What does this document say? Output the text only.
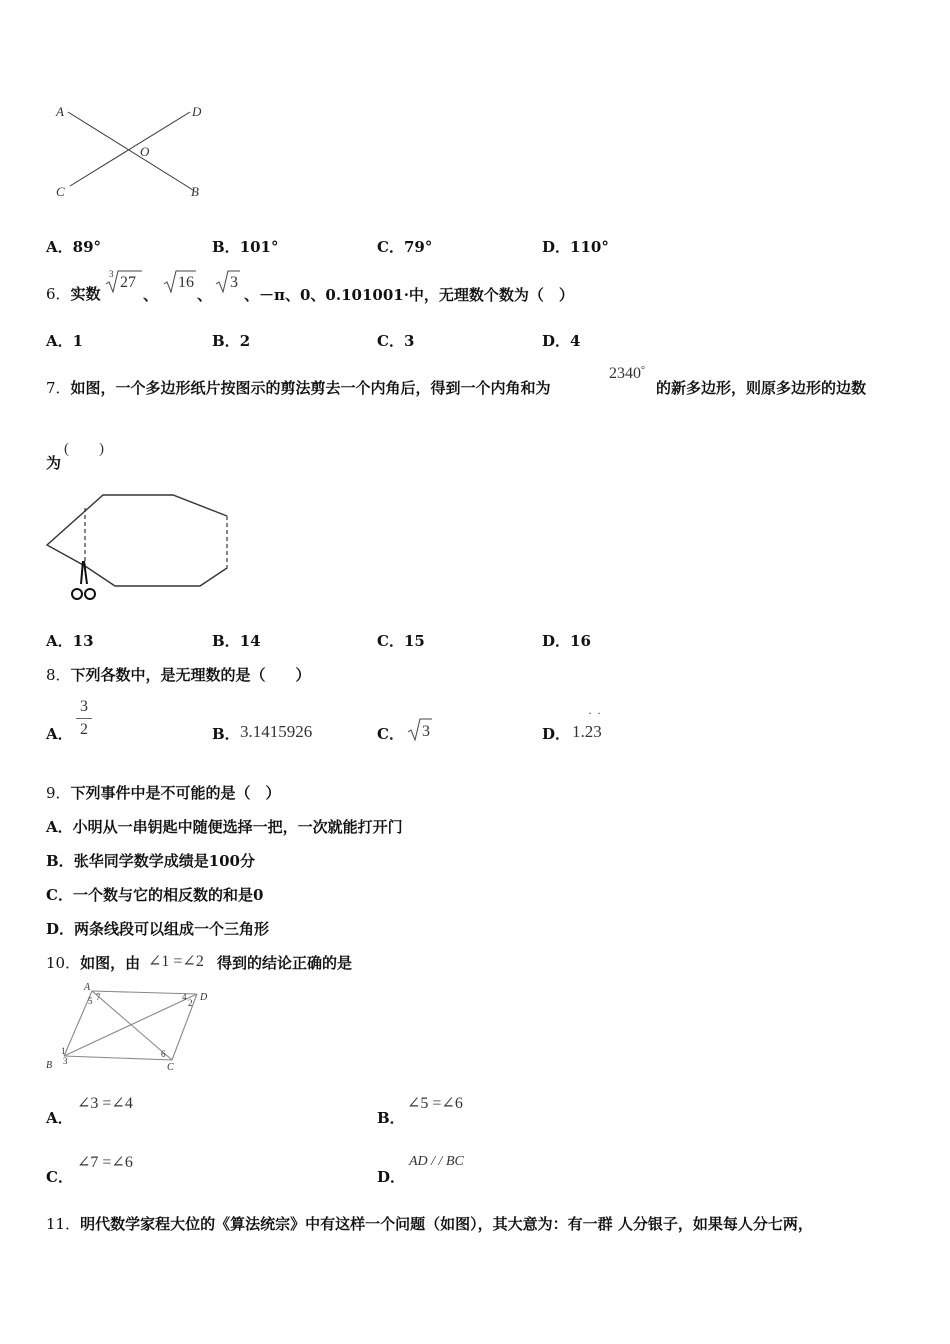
A	D
O
C	B
A．89°	B．101°	C．79°	D．110°
6．实数
3 27
、
16
、
3
、－π、0、0.101001·中，无理数个数为（　）
A．1	B．2	C．3	D．4
7．如图，一个多边形纸片按图示的剪法剪去一个内角后，得到一个内角和为
2340°
的新多边形，则原多边形的边数
为
(　　)
A．13	B．14	C．15	D．16
8．下列各数中，是无理数的是（　　）
A．
3
2	B． 3.1415926	C． 3	D． 1.23
· ·
9．下列事件中是不可能的是（　）
A．小明从一串钥匙中随便选择一把，一次就能打开门
B．张华同学数学成绩是100分
C．一个数与它的相反数的和是0
D．两条线段可以组成一个三角形
10．如图，由 ∠1 =∠2 得到的结论正确的是
A
D
B	C
5 7	4
2
1
3
6
A．
∠3 =∠4
B．
∠5 =∠6
C．
∠7 =∠6
D．
AD / / BC
11．明代数学家程大位的《算法统宗》中有这样一个问题（如图），其大意为：有一群 人分银子，如果每人分七两，
